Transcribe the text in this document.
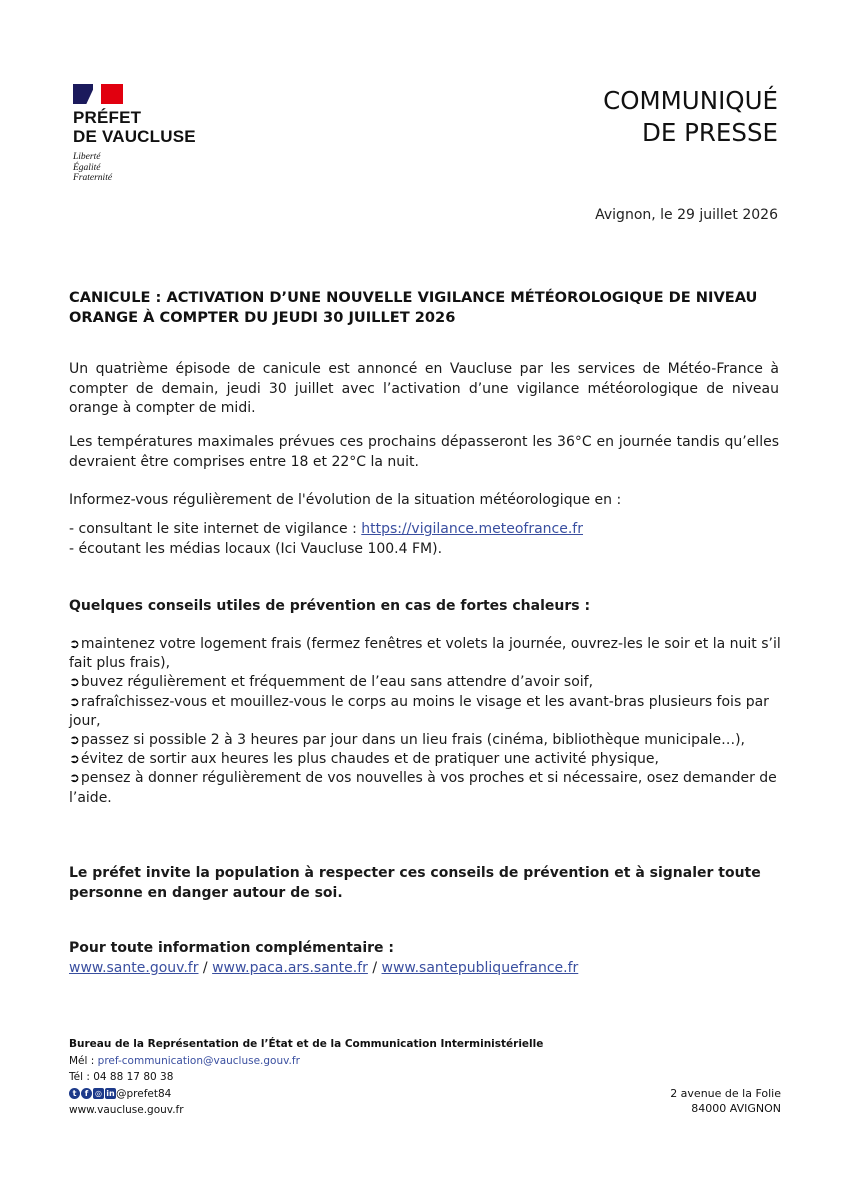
PRÉFET
DE VAUCLUSE
Liberté
Égalité
Fraternité
COMMUNIQUÉ
DE PRESSE
Avignon, le 29 juillet 2026
CANICULE : ACTIVATION D’UNE NOUVELLE VIGILANCE MÉTÉOROLOGIQUE DE NIVEAU ORANGE À COMPTER DU JEUDI 30 JUILLET 2026

Un quatrième épisode de canicule est annoncé en Vaucluse par les services de Météo-France à compter de demain, jeudi 30 juillet avec l’activation d’une vigilance météorologique de niveau orange à compter de midi.

Les températures maximales prévues ces prochains dépasseront les 36°C en journée tandis qu’elles devraient être comprises entre 18 et 22°C la nuit.

Informez-vous régulièrement de l'évolution de la situation météorologique en :

- consultant le site internet de vigilance : https://vigilance.meteofrance.fr
- écoutant les médias locaux (Ici Vaucluse 100.4 FM).
Quelques conseils utiles de prévention en cas de fortes chaleurs :
➲maintenez votre logement frais (fermez fenêtres et volets la journée, ouvrez-les le soir et la nuit s’il fait plus frais),
➲buvez régulièrement et fréquemment de l’eau sans attendre d’avoir soif,
➲rafraîchissez-vous et mouillez-vous le corps au moins le visage et les avant-bras plusieurs fois par jour,
➲passez si possible 2 à 3 heures par jour dans un lieu frais (cinéma, bibliothèque municipale…),
➲évitez de sortir aux heures les plus chaudes et de pratiquer une activité physique,
➲pensez à donner régulièrement de vos nouvelles à vos proches et si nécessaire, osez demander de l’aide.

Le préfet invite la population à respecter ces conseils de prévention et à signaler toute personne en danger autour de soi.

Pour toute information complémentaire :
www.sante.gouv.fr / www.paca.ars.sante.fr / www.santepubliquefrance.fr
Bureau de la Représentation de l’État et de la Communication Interministérielle
Mél : pref-communication@vaucluse.gouv.fr
Tél : 04 88 17 80 38
t	f ◎ in @prefet84
www.vaucluse.gouv.fr
2 avenue de la Folie
84000 AVIGNON
